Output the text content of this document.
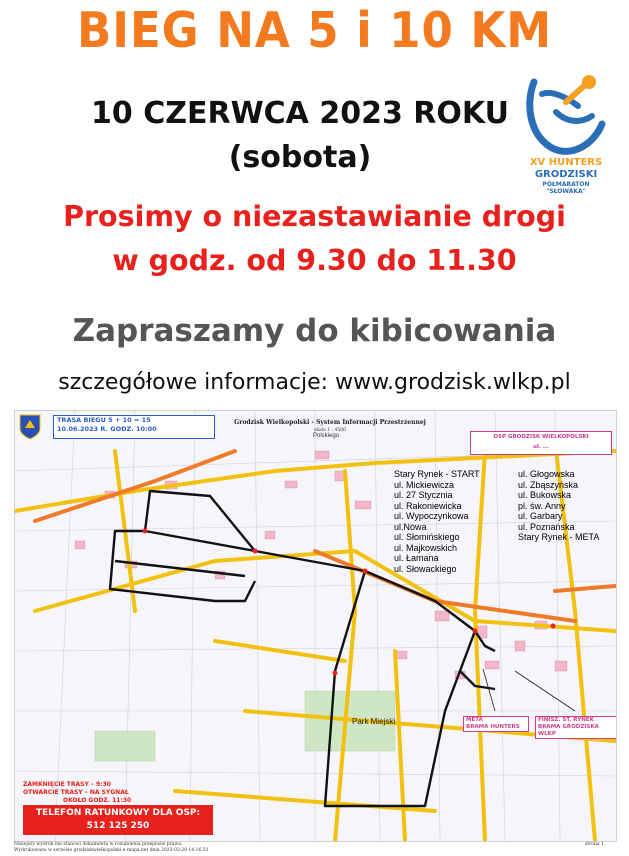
BIEG NA 5 i 10 KM
10 CZERWCA 2023 ROKU
(sobota)	XV HUNTERS
GRODZISKI
PÓŁMARATON
"SŁOWAKA"
Prosimy o niezastawianie drogi
w godz. od 9.30 do 11.30
Zapraszamy do kibicowania
szczegółowe informacje: www.grodzisk.wlkp.pl
TRASA BIEGU 5 + 10 = 15
10.06.2023 R. GODZ. 10:00
Grodzisk Wielkopolski - System Informacji Przestrzennej
skala 1 : 4500
Polskiego	OSP GRODZISK WIELKOPOLSKI
ul. ...
Stary Rynek - START
ul. Mickiewicza
ul. 27 Stycznia
ul. Rakoniewicka
ul. Wypoczynkowa
ul.Nowa
ul. Słomińskiego
ul. Majkowskich
ul. Łamana
ul. Słowackiego
ul. Głogowska
ul. Zbąszyńska
ul. Bukowska
pl. św. Anny
ul. Garbary
ul. Poznańska
Stary Rynek - META
Park Miejski	META
BRAMA HUNTERS
FINISZ. ST. RYNEK
BRAMA GRODZISKA WLKP
ZAMKNIĘCIE TRASY – 9:30
OTWARCIE TRASY – NA SYGNAŁ
OKOŁO GODZ. 11:30
TELEFON RATUNKOWY DLA OSP:
512 125 250
Niniejszy wydruk nie stanowi dokumentu w rozumieniu przepisów prawa.
Wydrukowano w serwisie grodziskwielkopolski.e-mapa.net dnia 2023-03-28 14:16:51
strona 1
